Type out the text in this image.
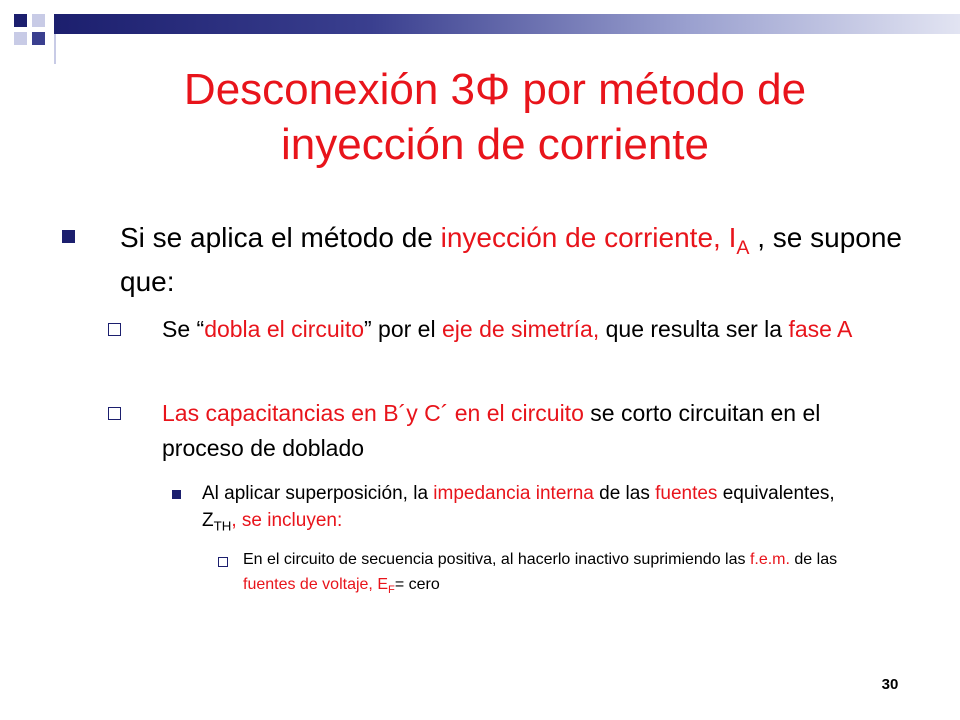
Desconexión 3Φ por método de
inyección de corriente
Si se aplica el método de inyección de corriente, $I_A$ , se supone que:
Se “dobla el circuito” por el eje de simetría, que resulta ser la fase A
Las capacitancias en B´y C´ en el circuito se corto circuitan en el proceso de doblado
Al aplicar superposición, la impedancia interna de las fuentes equivalentes, $Z_{TH}$, se incluyen:
En el circuito de secuencia positiva, al hacerlo inactivo suprimiendo las f.e.m. de las fuentes de voltaje, $E_F=$ cero
30
